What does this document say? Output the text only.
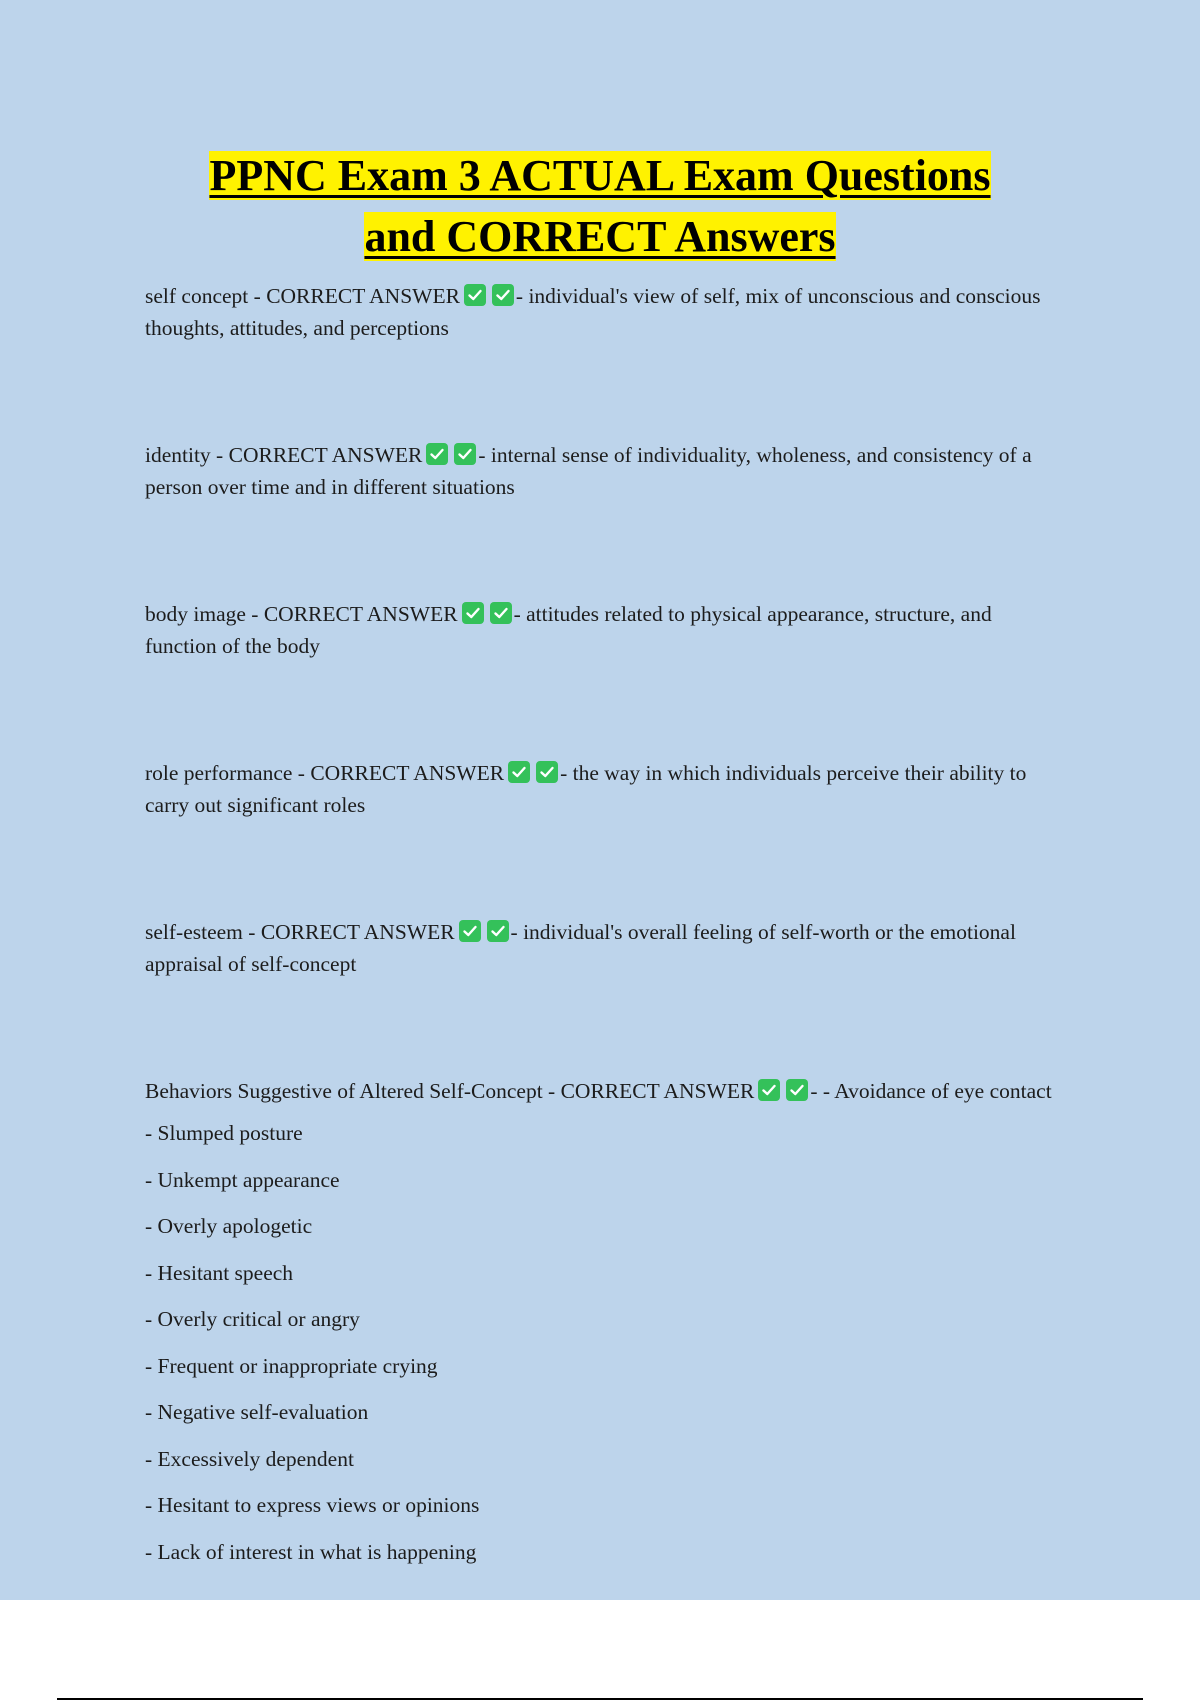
PPNC Exam 3 ACTUAL Exam Questions
and CORRECT Answers
self concept - CORRECT ANSWER	- individual's view of self, mix of unconscious and conscious thoughts, attitudes, and perceptions
identity - CORRECT ANSWER	- internal sense of individuality, wholeness, and consistency of a person over time and in different situations
body image - CORRECT ANSWER	- attitudes related to physical appearance, structure, and function of the body
role performance - CORRECT ANSWER	- the way in which individuals perceive their ability to carry out significant roles
self-esteem - CORRECT ANSWER	- individual's overall feeling of self-worth or the emotional appraisal of self-concept
Behaviors Suggestive of Altered Self-Concept - CORRECT ANSWER	- - Avoidance of eye contact
- Slumped posture
- Unkempt appearance
- Overly apologetic
- Hesitant speech
- Overly critical or angry
- Frequent or inappropriate crying
- Negative self-evaluation
- Excessively dependent
- Hesitant to express views or opinions
- Lack of interest in what is happening
